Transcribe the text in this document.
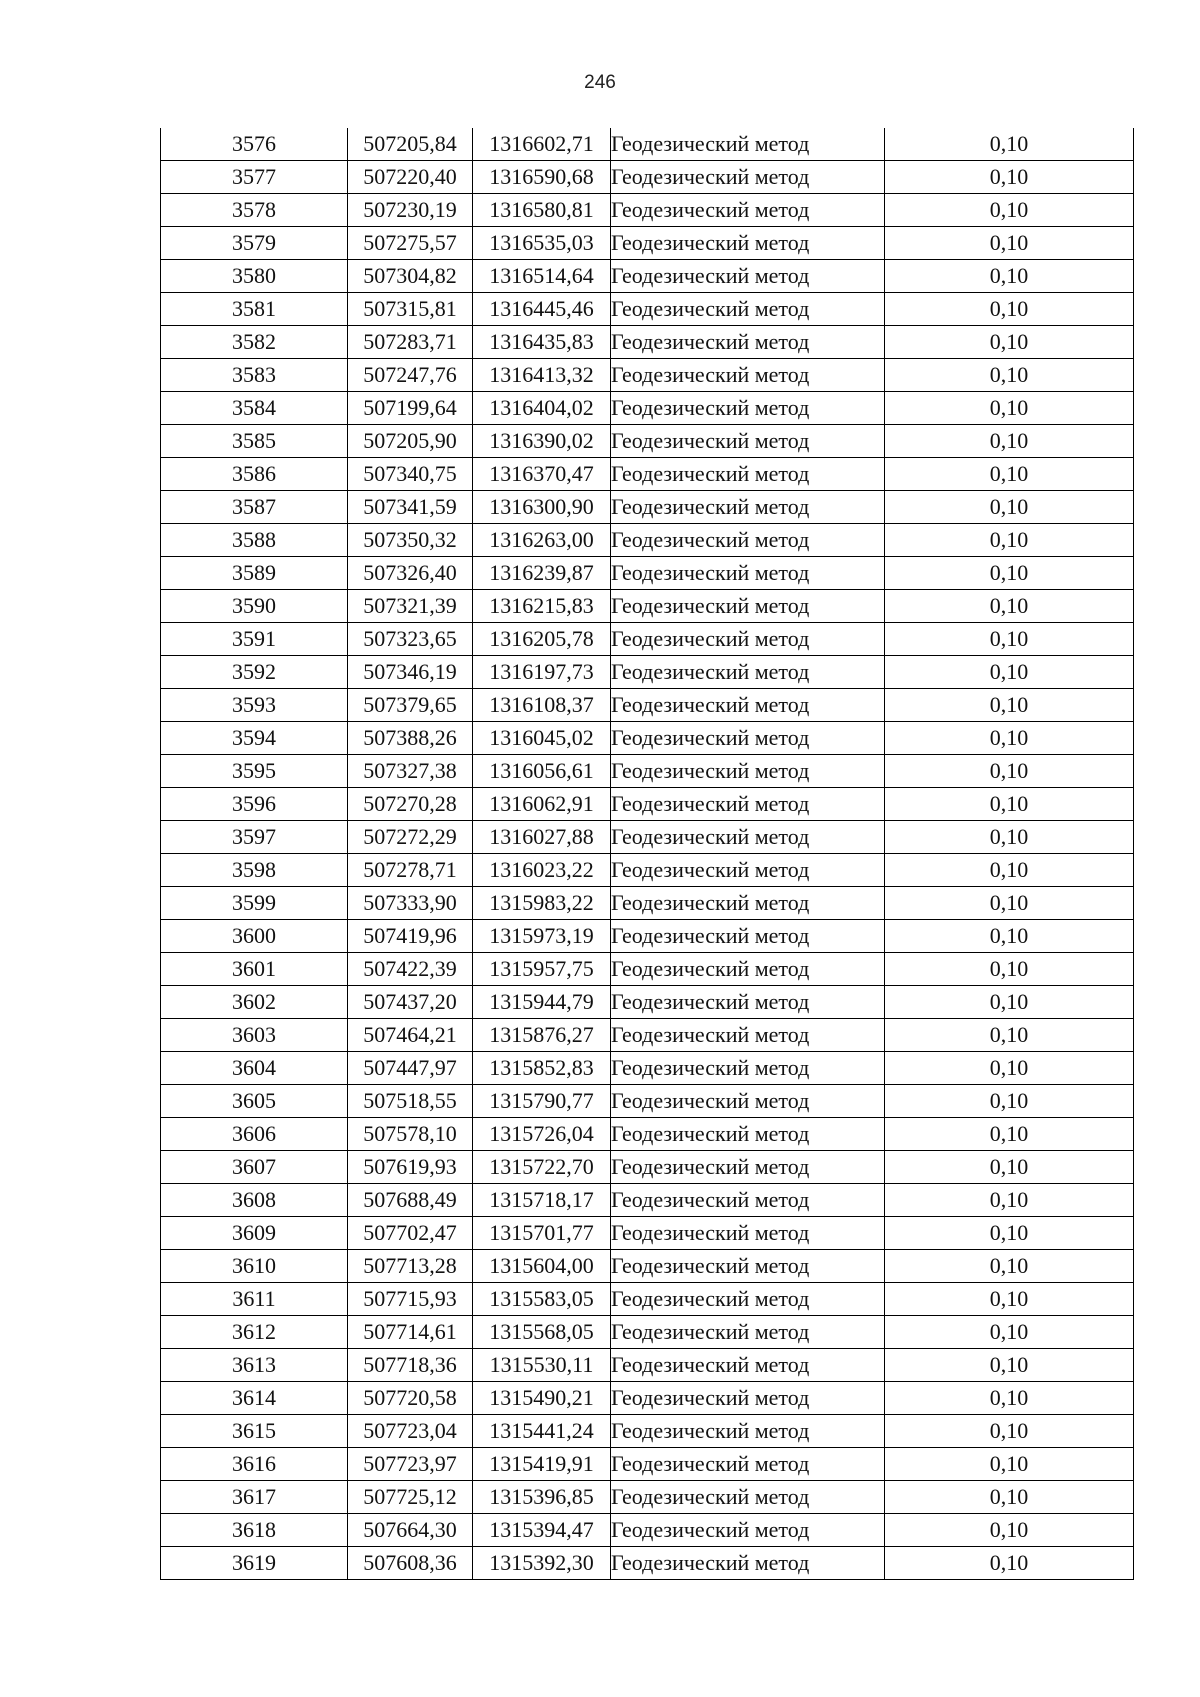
246
3576	507205,84	1316602,71	Геодезический метод	0,10
3577	507220,40	1316590,68	Геодезический метод	0,10
3578	507230,19	1316580,81	Геодезический метод	0,10
3579	507275,57	1316535,03	Геодезический метод	0,10
3580	507304,82	1316514,64	Геодезический метод	0,10
3581	507315,81	1316445,46	Геодезический метод	0,10
3582	507283,71	1316435,83	Геодезический метод	0,10
3583	507247,76	1316413,32	Геодезический метод	0,10
3584	507199,64	1316404,02	Геодезический метод	0,10
3585	507205,90	1316390,02	Геодезический метод	0,10
3586	507340,75	1316370,47	Геодезический метод	0,10
3587	507341,59	1316300,90	Геодезический метод	0,10
3588	507350,32	1316263,00	Геодезический метод	0,10
3589	507326,40	1316239,87	Геодезический метод	0,10
3590	507321,39	1316215,83	Геодезический метод	0,10
3591	507323,65	1316205,78	Геодезический метод	0,10
3592	507346,19	1316197,73	Геодезический метод	0,10
3593	507379,65	1316108,37	Геодезический метод	0,10
3594	507388,26	1316045,02	Геодезический метод	0,10
3595	507327,38	1316056,61	Геодезический метод	0,10
3596	507270,28	1316062,91	Геодезический метод	0,10
3597	507272,29	1316027,88	Геодезический метод	0,10
3598	507278,71	1316023,22	Геодезический метод	0,10
3599	507333,90	1315983,22	Геодезический метод	0,10
3600	507419,96	1315973,19	Геодезический метод	0,10
3601	507422,39	1315957,75	Геодезический метод	0,10
3602	507437,20	1315944,79	Геодезический метод	0,10
3603	507464,21	1315876,27	Геодезический метод	0,10
3604	507447,97	1315852,83	Геодезический метод	0,10
3605	507518,55	1315790,77	Геодезический метод	0,10
3606	507578,10	1315726,04	Геодезический метод	0,10
3607	507619,93	1315722,70	Геодезический метод	0,10
3608	507688,49	1315718,17	Геодезический метод	0,10
3609	507702,47	1315701,77	Геодезический метод	0,10
3610	507713,28	1315604,00	Геодезический метод	0,10
3611	507715,93	1315583,05	Геодезический метод	0,10
3612	507714,61	1315568,05	Геодезический метод	0,10
3613	507718,36	1315530,11	Геодезический метод	0,10
3614	507720,58	1315490,21	Геодезический метод	0,10
3615	507723,04	1315441,24	Геодезический метод	0,10
3616	507723,97	1315419,91	Геодезический метод	0,10
3617	507725,12	1315396,85	Геодезический метод	0,10
3618	507664,30	1315394,47	Геодезический метод	0,10
3619	507608,36	1315392,30	Геодезический метод	0,10
